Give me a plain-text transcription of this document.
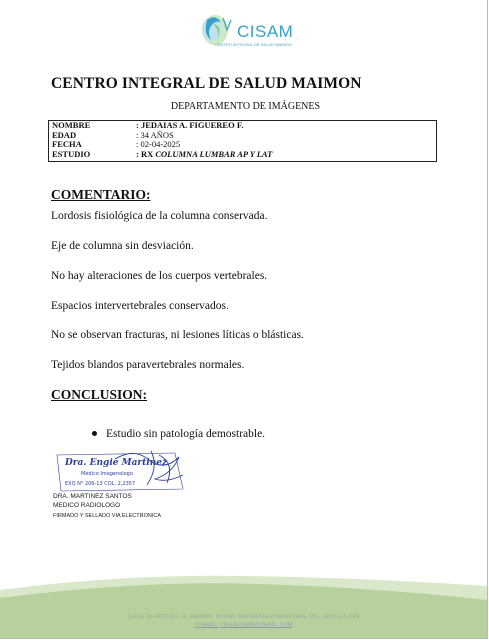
CISAM
CENTRO INTEGRAL DE SALUD MAIMON
CENTRO INTEGRAL DE SALUD MAIMON
DEPARTAMENTO DE IMÁGENES
NOMBRE	: JEDAIAS A. FIGUEREO F.
EDAD	: 34 AÑOS
FECHA	: 02-04-2025
ESTUDIO	: RX COLUMNA LUMBAR AP Y LAT
COMENTARIO:
Lordosis fisiológica de la columna conservada.
Eje de columna sin desviación.
No hay alteraciones de los cuerpos vertebrales.
Espacios intervertebrales conservados.
No se observan fracturas, ni lesiones líticas o blásticas.
Tejidos blandos paravertebrales normales.
CONCLUSION:
Estudio sin patología demostrable.
Dra. Engie Martinez
Medico Imagenologo
EXQ N° 206-13 COL. 2,2357
DRA. MARTINEZ SANTOS
MEDICO RADIOLOGO
FIRMADO Y SELLADO VIA ELECTRONICA
CALLE DUARTE NO. 13, MAIMÓN, BONAO, REPUBLICA DOMINICANA, TEL.: (809)-551-2596
CORREO: CISAM.DO@HOTMAIL .COM
